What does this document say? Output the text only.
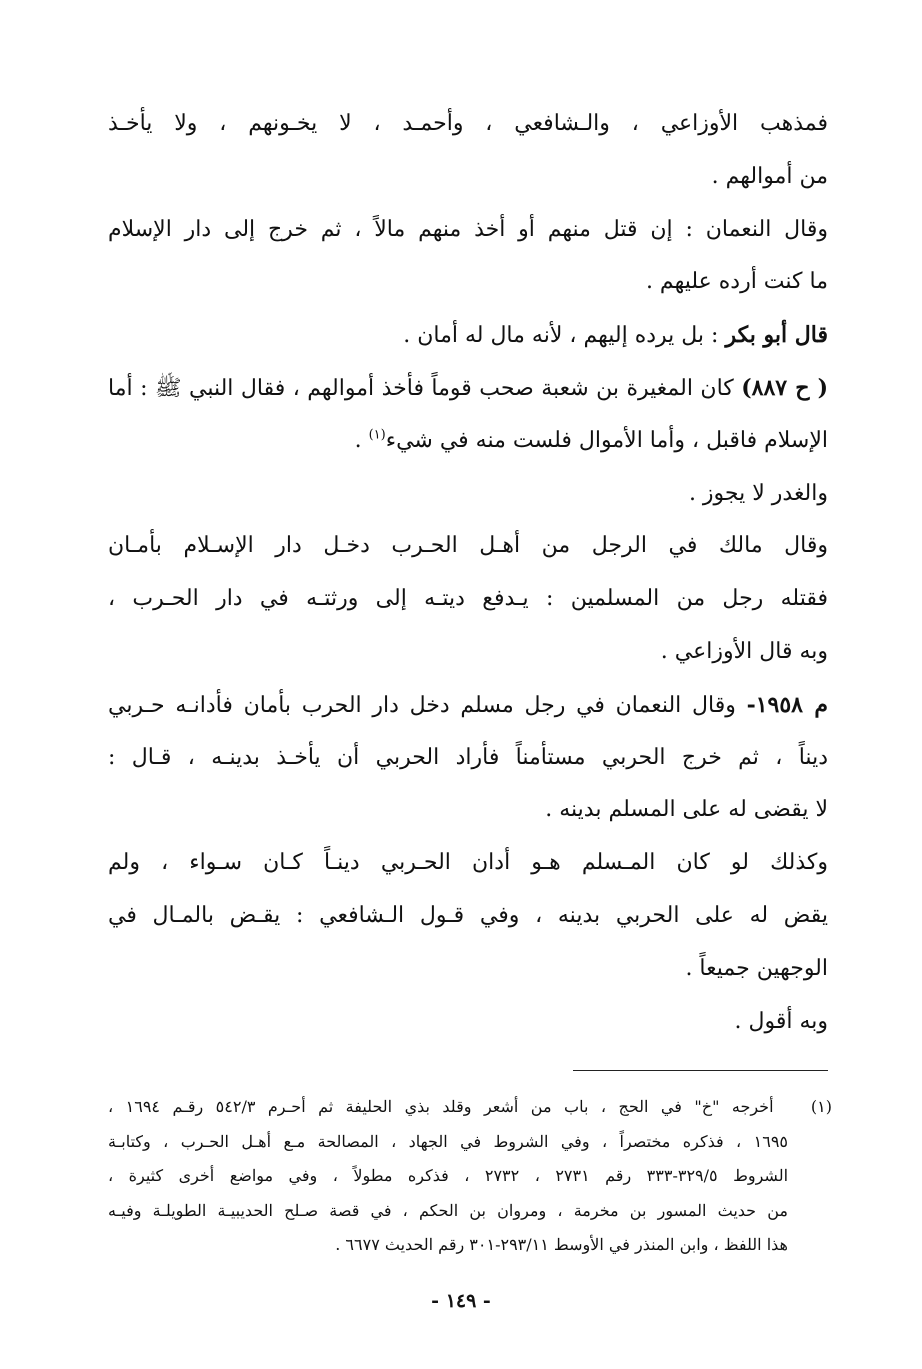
فمذهب الأوزاعي ، والـشافعي ، وأحمـد ، لا يخـونهم ، ولا يأخـذ
من أموالهم .
وقال النعمان : إن قتل منهم أو أخذ منهم مالاً ، ثم خرج إلى دار الإسلام
ما كنت أرده عليهم .
قال أبو بكر : بل يرده إليهم ، لأنه مال له أمان .
( ح ٨٨٧) كان المغيرة بن شعبة صحب قوماً فأخذ أموالهم ، فقال النبي ﷺ : أما
الإسلام فاقبل ، وأما الأموال فلست منه في شيء$^{(١)}$ .
والغدر لا يجوز .
وقال مالك في الرجل من أهـل الحـرب دخـل دار الإسـلام بأمـان
فقتله رجل من المسلمين : يـدفع ديتـه إلى ورثتـه في دار الحـرب ،
وبه قال الأوزاعي .
م ١٩٥٨- وقال النعمان في رجل مسلم دخل دار الحرب بأمان فأدانـه حـربي
ديناً ، ثم خرج الحربي مستأمناً فأراد الحربي أن يأخـذ بدينـه ، قـال :
لا يقضى له على المسلم بدينه .
وكذلك لو كان المـسلم هـو أدان الحـربي دينـاً كـان سـواء ، ولم
يقض له على الحربي بدينه ، وفي قـول الـشافعي : يقـض بالمـال في
الوجهين جميعاً .
وبه أقول .
(١)   أخرجه "خ" في الحج ، باب من أشعر وقلد بذي الحليفة ثم أحـرم ٥٤٢/٣ رقـم ١٦٩٤ ،
١٦٩٥ ، فذكره مختصراً ، وفي الشروط في الجهاد ، المصالحة مـع أهـل الحـرب ، وكتابـة
الشروط ٣٢٩/٥-٣٣٣ رقم ٢٧٣١ ، ٢٧٣٢ ، فذكره مطولاً ، وفي مواضع أخرى كثيرة ،
من حديث المسور بن مخرمة ، ومروان بن الحكم ، في قصة صـلح الحديبيـة الطويلـة وفيـه
هذا اللفظ ، وابن المنذر في الأوسط ٢٩٣/١١-٣٠١ رقم الحديث ٦٦٧٧ .
- ١٤٩ -
